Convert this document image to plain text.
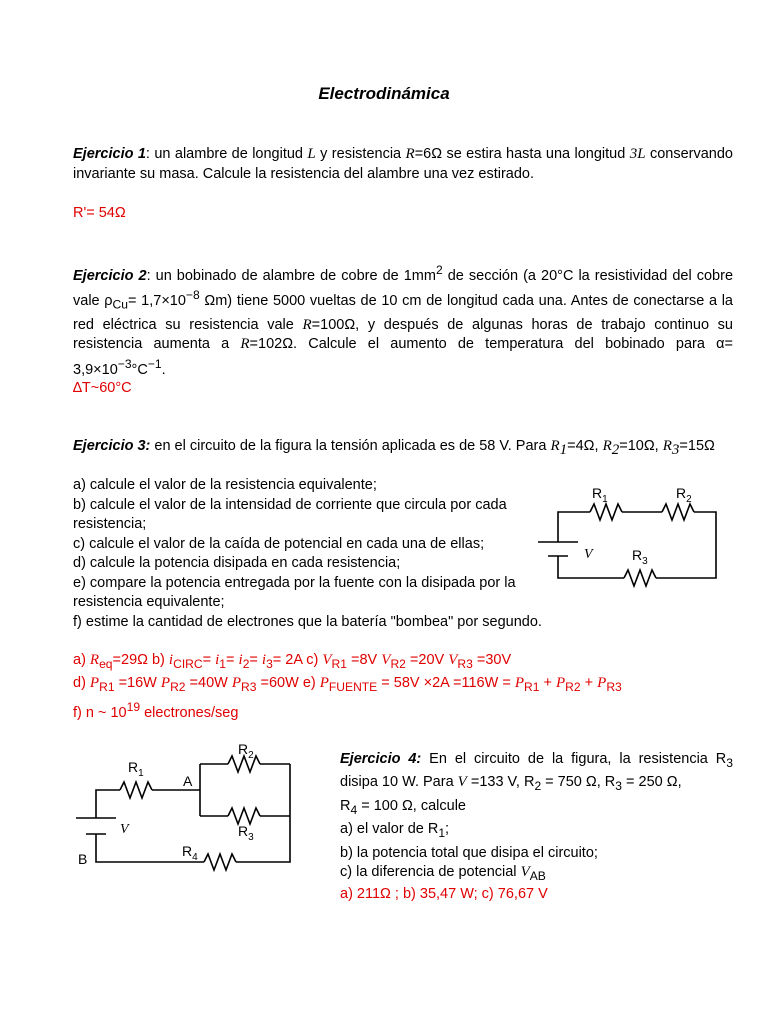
Electrodinámica

Ejercicio 1: un alambre de longitud L y resistencia R=6Ω se estira hasta una longitud 3L conservando invariante su masa. Calcule la resistencia del alambre una vez estirado.

R'= 54Ω

Ejercicio 2: un bobinado de alambre de cobre de $1mm^2$ de sección (a 20°C la resistividad del cobre vale $\rho_{Cu}= 1,7\times 10^{-8}$ Ωm) tiene 5000 vueltas de 10 cm de longitud cada una. Antes de conectarse a la red eléctrica su resistencia vale R=100Ω, y después de algunas horas de trabajo continuo su resistencia aumenta a R=102Ω. Calcule el aumento de temperatura del bobinado para $\alpha= 3,9\times 10^{-3}^\circ C^{-1}$.

∆T~60°C

Ejercicio 3: en el circuito de la figura la tensión aplicada es de 58 V. Para $R_1=4\Omega$, $R_2=10\Omega$, $R_3=15\Omega$

a) calcule el valor de la resistencia equivalente;
b) calcule el valor de la intensidad de corriente que circula por cada resistencia;
c) calcule el valor de la caída de potencial en cada una de ellas;
d) calcule la potencia disipada en cada resistencia;
e) compare la potencia entregada por la fuente con la disipada por la resistencia equivalente;
f) estime la cantidad de electrones que la batería "bombea" por segundo.
$R_1$	$R_2$
$R_3$
V
a) $R_{eq}=29\Omega$ b) $i_{CIRC}= i_1= i_2= i_3= 2A$ c) $V_{R1} =8V$ $V_{R2} =20V$ $V_{R3} =30V$
d) $P_{R1} =16W$ $P_{R2} =40W$ $P_{R3} =60W$ e) $P_{FUENTE} = 58V \times 2A =116W = P_{R1} + P_{R2} + P_{R3}$
f) n ~ $10^{19}$ electrones/seg
$R_1$
$R_2$
$R_3$
$R_4$
A
B
V
Ejercicio 4: En el circuito de la figura, la resistencia $R_3$ disipa 10 W. Para V =133 V, $R_2 = 750$ Ω, $R_3 = 250$ Ω,
$R_4 = 100$ Ω, calcule
a) el valor de $R_1$;
b) la potencia total que disipa el circuito;
c) la diferencia de potencial $V_{AB}$

a) 211Ω ; b) 35,47 W; c) 76,67 V
